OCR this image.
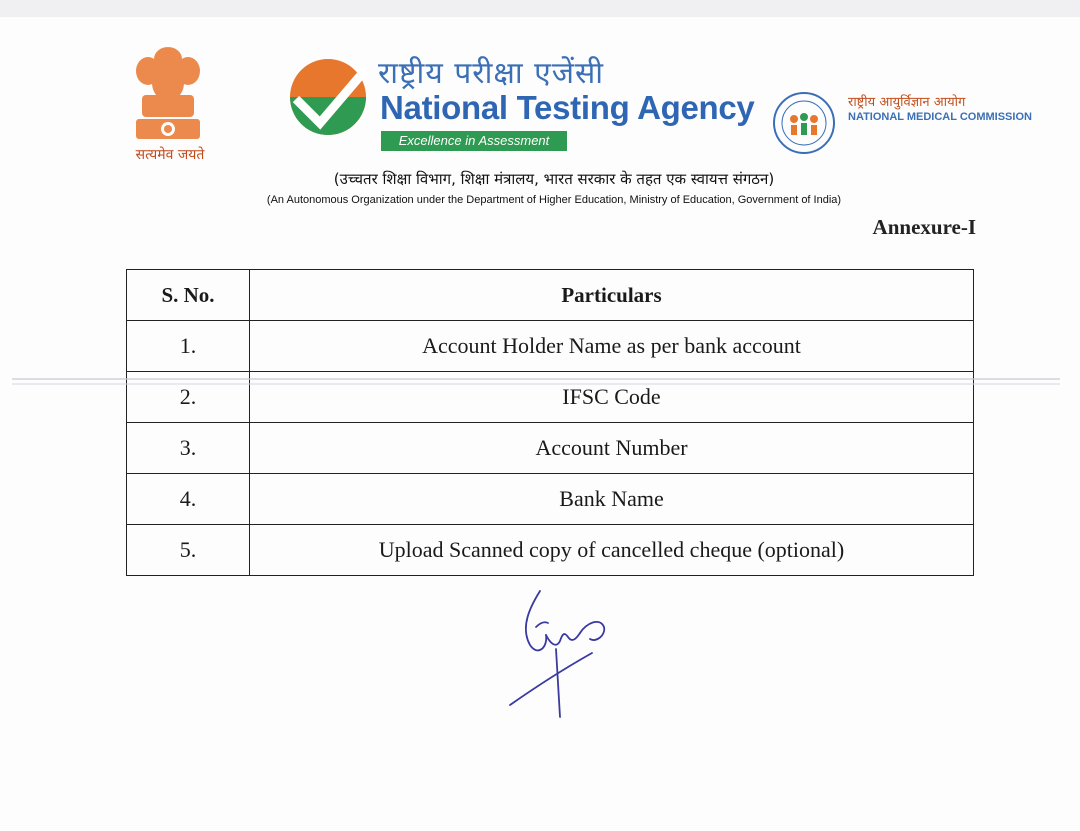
सत्यमेव जयते
राष्ट्रीय परीक्षा एजेंसी
National Testing Agency
Excellence in Assessment
राष्ट्रीय आयुर्विज्ञान आयोग
NATIONAL MEDICAL COMMISSION
(उच्चतर शिक्षा विभाग, शिक्षा मंत्रालय, भारत सरकार के तहत एक स्वायत्त संगठन)
(An Autonomous Organization under the Department of Higher Education, Ministry of Education, Government of India)
Annexure-I
S. No.	Particulars
1.	Account Holder Name as per bank account
2.	IFSC Code
3.	Account Number
4.	Bank Name
5.	Upload Scanned copy of cancelled cheque (optional)
